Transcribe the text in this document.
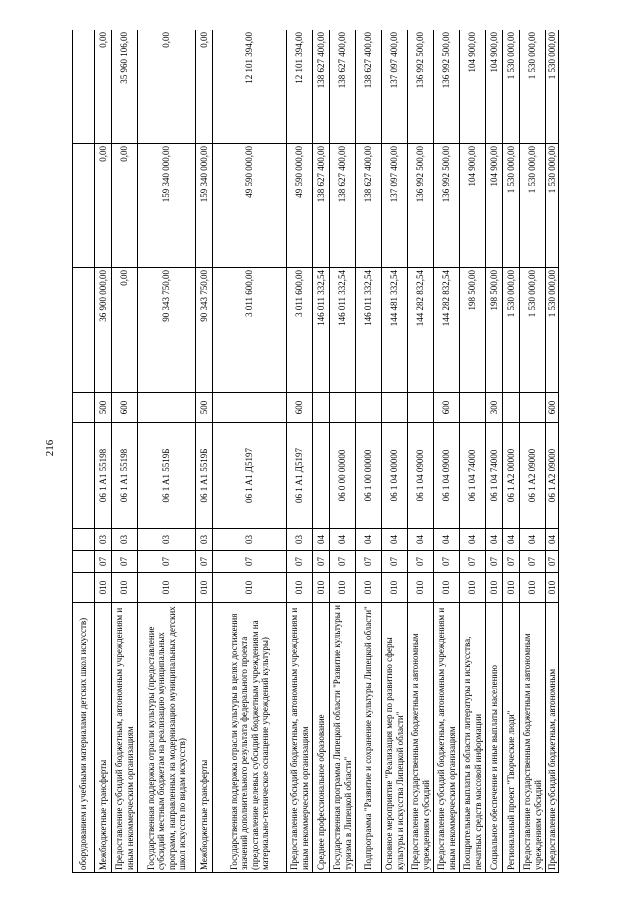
216
оборудованием и учебными материалами детских школ искусств)								
Межбюджетные трансферты	010	07	03	06 1 A1 55198	500	36 900 000,00	0,00	0,00
Предоставление субсидий бюджетным, автономным учреждениям и иным некоммерческим организациям	010	07	03	06 1 A1 55198	600	0,00	0,00	35 960 106,00
Государственная поддержка отрасли культуры (предоставление субсидий местным бюджетам на реализацию муниципальных программ, направленных на модернизацию муниципальных детских школ искусств по видам искусств)	010	07	03	06 1 A1 5519Б		90 343 750,00	159 340 000,00	0,00
Межбюджетные трансферты	010	07	03	06 1 A1 5519Б	500	90 343 750,00	159 340 000,00	0,00
Государственная поддержка отрасли культуры в целях достижения значений дополнительного результата федерального проекта (предоставление целевых субсидий бюджетным учреждениям на материально-техническое оснащение учреждений культуры)	010	07	03	06 1 A1 Д5197		3 011 600,00	49 590 000,00	12 101 394,00
Предоставление субсидий бюджетным, автономным учреждениям и иным некоммерческим организациям	010	07	03	06 1 A1 Д5197	600	3 011 600,00	49 590 000,00	12 101 394,00
Среднее профессиональное образование	010	07	04			146 011 332,54	138 627 400,00	138 627 400,00
Государственная программа Липецкой области "Развитие культуры и туризма в Липецкой области"	010	07	04	06 0 00 00000		146 011 332,54	138 627 400,00	138 627 400,00
Подпрограмма "Развитие и сохранение культуры Липецкой области"	010	07	04	06 1 00 00000		146 011 332,54	138 627 400,00	138 627 400,00
Основное мероприятие "Реализация мер по развитию сферы культуры и искусства Липецкой области"	010	07	04	06 1 04 00000		144 481 332,54	137 097 400,00	137 097 400,00
Предоставление государственным бюджетным и автономным учреждениям субсидий	010	07	04	06 1 04 09000		144 282 832,54	136 992 500,00	136 992 500,00
Предоставление субсидий бюджетным, автономным учреждениям и иным некоммерческим организациям	010	07	04	06 1 04 09000	600	144 282 832,54	136 992 500,00	136 992 500,00
Поощрительные выплаты в области литературы и искусства, печатных средств массовой информации	010	07	04	06 1 04 74000		198 500,00	104 900,00	104 900,00
Социальное обеспечение и иные выплаты населению	010	07	04	06 1 04 74000	300	198 500,00	104 900,00	104 900,00
Региональный проект "Творческие люди"	010	07	04	06 1 A2 00000		1 530 000,00	1 530 000,00	1 530 000,00
Предоставление государственным бюджетным и автономным учреждениям субсидий	010	07	04	06 1 A2 09000		1 530 000,00	1 530 000,00	1 530 000,00
Предоставление субсидий бюджетным, автономным	010	07	04	06 1 A2 09000	600	1 530 000,00	1 530 000,00	1 530 000,00
